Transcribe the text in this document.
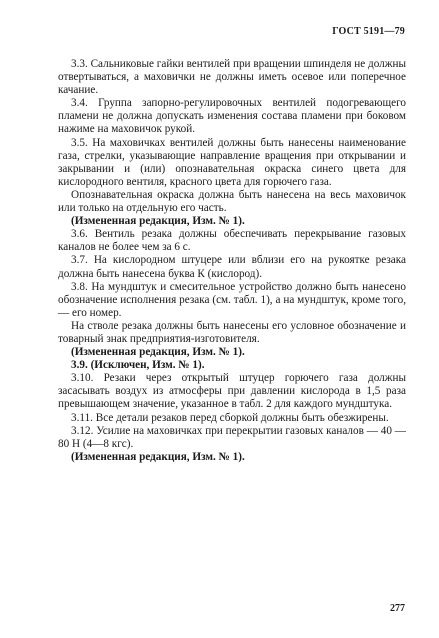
ГОСТ 5191—79

3.3. Сальниковые гайки вентилей при вращении шпинделя не должны отвертываться, а маховички не должны иметь осевое или поперечное качание.

3.4. Группа запорно-регулировочных вентилей подогревающего пламени не должна допускать изменения состава пламени при боковом нажиме на маховичок рукой.

3.5. На маховичках вентилей должны быть нанесены наименование газа, стрелки, указывающие направление вращения при открывании и закрывании и (или) опознавательная окраска синего цвета для кислородного вентиля, красного цвета для горючего газа.

Опознавательная окраска должна быть нанесена на весь маховичок или только на отдельную его часть.

(Измененная редакция, Изм. № 1).

3.6. Вентиль резака должны обеспечивать перекрывание газовых каналов не более чем за 6 с.

3.7. На кислородном штуцере или вблизи его на рукоятке резака должна быть нанесена буква К (кислород).

3.8. На мундштук и смесительное устройство должно быть нанесено обозначение исполнения резака (см. табл. 1), а на мундштук, кроме того, — его номер.

На стволе резака должны быть нанесены его условное обозначение и товарный знак предприятия-изготовителя.

(Измененная редакция, Изм. № 1).

3.9. (Исключен, Изм. № 1).

3.10. Резаки через открытый штуцер горючего газа должны засасывать воздух из атмосферы при давлении кислорода в 1,5 раза превышающем значение, указанное в табл. 2 для каждого мундштука.

3.11. Все детали резаков перед сборкой должны быть обезжирены.

3.12. Усилие на маховичках при перекрытии газовых каналов — 40 — 80 Н (4—8 кгс).

(Измененная редакция, Изм. № 1).

277
